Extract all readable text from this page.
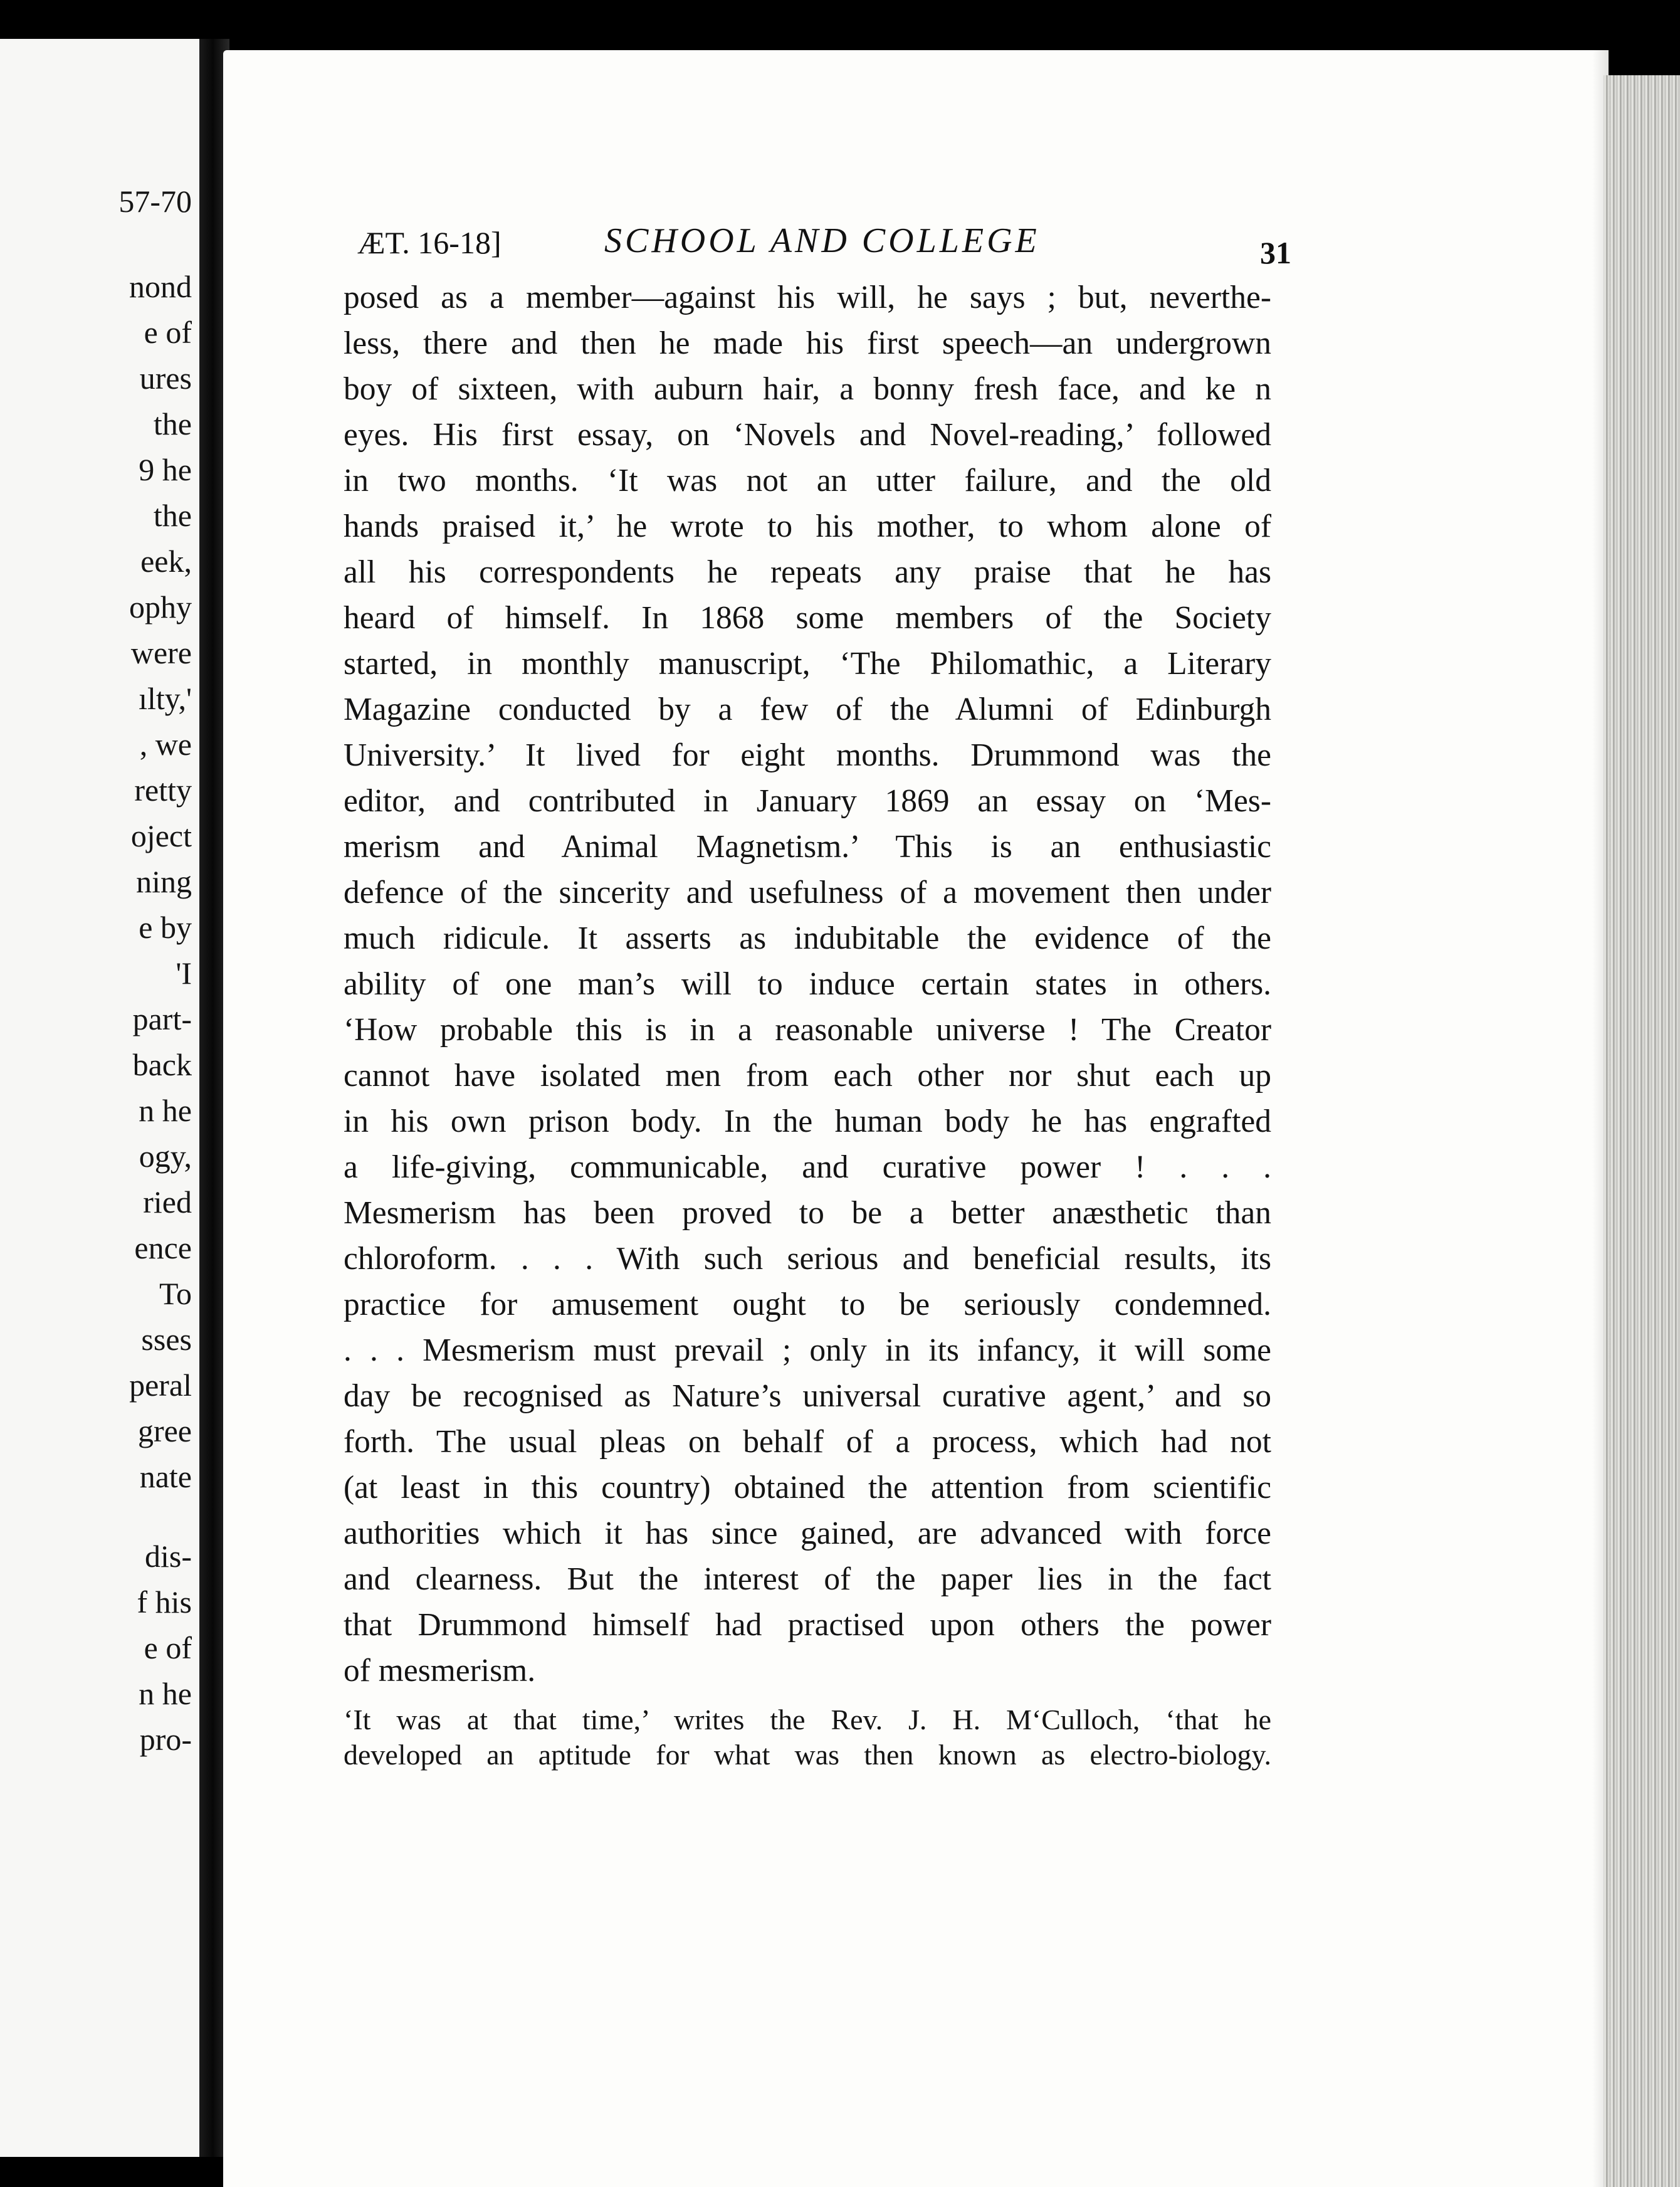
57-70
nond
e of
ures
the
9 he
the
eek,
ophy
were
ılty,'
, we
retty
oject
ning
e by
'I
part-
back
n he
ogy,
ried
ence
To
sses
peral
gree
nate
dis-
f his
e of
n he
pro-
ÆT. 16-18]	SCHOOL AND COLLEGE	31
posed as a member—against his will, he says ; but, neverthe-
less, there and then he made his first speech—an undergrown
boy of sixteen, with auburn hair, a bonny fresh face, and ke n
eyes. His first essay, on ‘Novels and Novel-reading,’ followed
in two months. ‘It was not an utter failure, and the old
hands praised it,’ he wrote to his mother, to whom alone of
all his correspondents he repeats any praise that he has
heard of himself. In 1868 some members of the Society
started, in monthly manuscript, ‘The Philomathic, a Literary
Magazine conducted by a few of the Alumni of Edinburgh
University.’ It lived for eight months. Drummond was the
editor, and contributed in January 1869 an essay on ‘Mes-
merism and Animal Magnetism.’ This is an enthusiastic
defence of the sincerity and usefulness of a movement then under
much ridicule. It asserts as indubitable the evidence of the
ability of one man’s will to induce certain states in others.
‘How probable this is in a reasonable universe ! The Creator
cannot have isolated men from each other nor shut each up
in his own prison body. In the human body he has engrafted
a life-giving, communicable, and curative power ! . . .
Mesmerism has been proved to be a better anæsthetic than
chloroform. . . . With such serious and beneficial results, its
practice for amusement ought to be seriously condemned.
. . . Mesmerism must prevail ; only in its infancy, it will some
day be recognised as Nature’s universal curative agent,’ and so
forth. The usual pleas on behalf of a process, which had not
(at least in this country) obtained the attention from scientific
authorities which it has since gained, are advanced with force
and clearness. But the interest of the paper lies in the fact
that Drummond himself had practised upon others the power
of mesmerism.
‘It was at that time,’ writes the Rev. J. H. M‘Culloch, ‘that he
developed an aptitude for what was then known as electro-biology.
